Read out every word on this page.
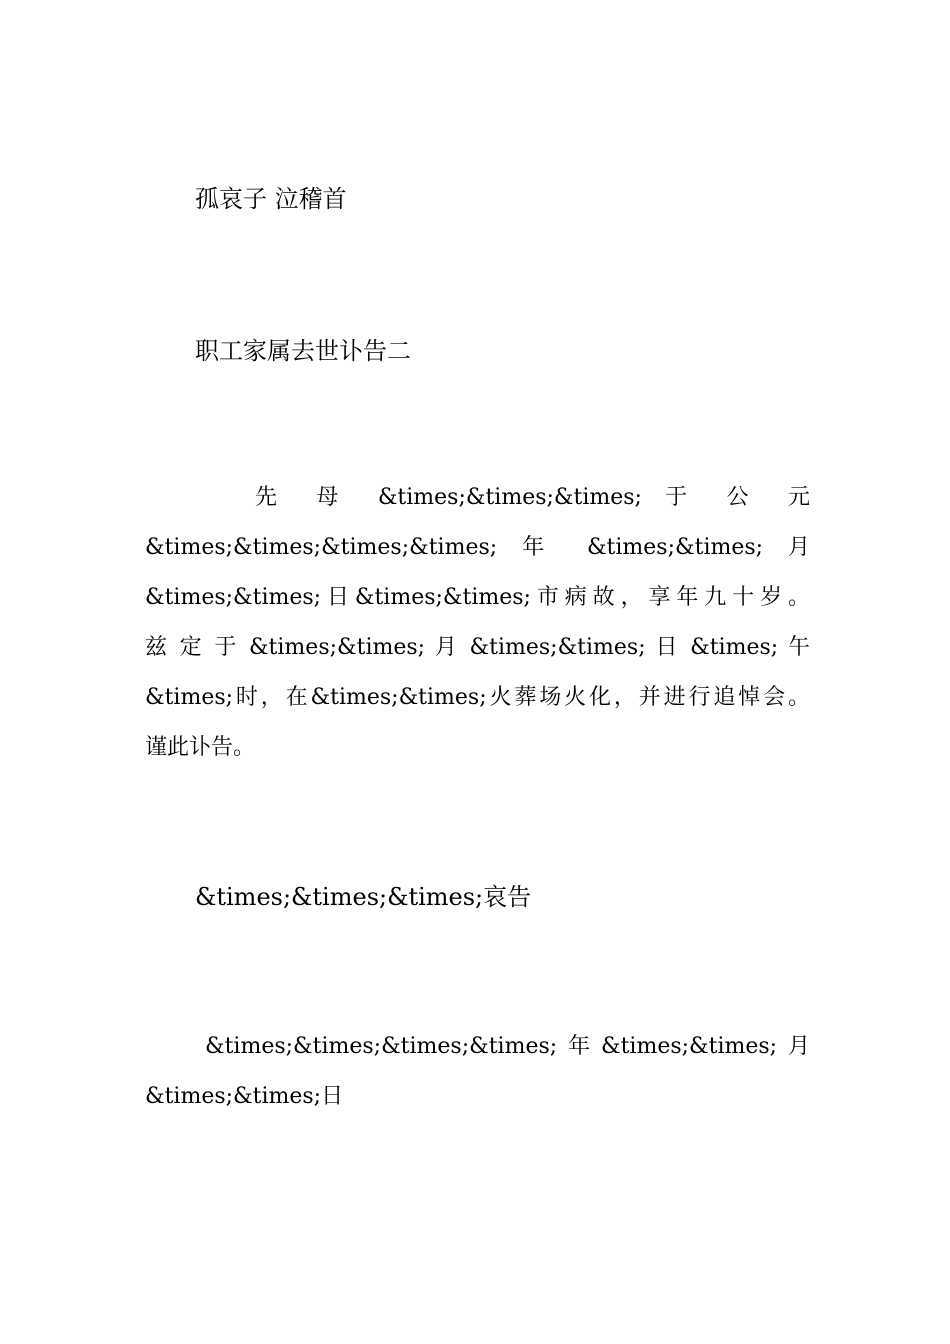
孤哀子 泣稽首
职工家属去世讣告二
先 母 &times;&times;&times; 于 公 元
&times;&times;&times;&times; 年 &times;&times; 月
&times;&times;日&times;&times;市病故，享年九十岁。
兹 定 于 &times;&times; 月 &times;&times; 日 &times; 午
&times;时，在&times;&times;火葬场火化，并进行追悼会。
谨此讣告。
&times;&times;&times;哀告
&times;&times;&times;&times;年&times;&times;月
&times;&times;日
